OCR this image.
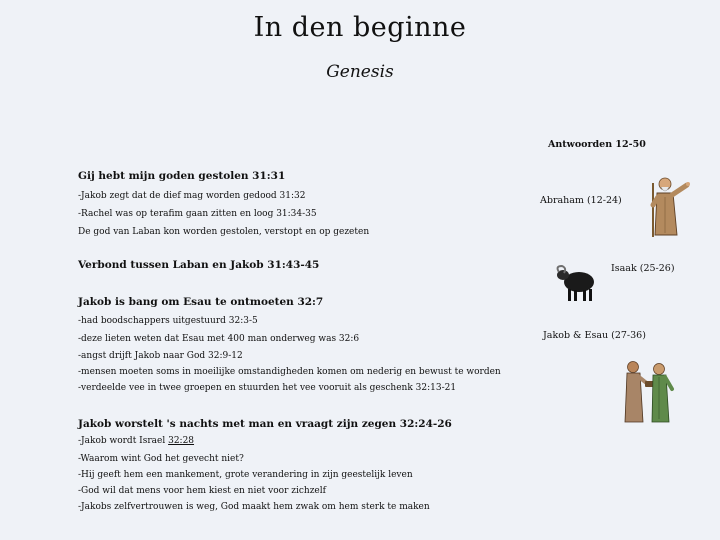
In den beginne
Genesis
Antwoorden 12-50
Gij hebt mijn goden gestolen 31:31
-Jakob zegt dat de dief mag worden gedood 31:32
-Rachel was op terafim gaan zitten en loog 31:34-35
De god van Laban kon worden gestolen, verstopt en op gezeten
Verbond tussen Laban en Jakob 31:43-45
Jakob is bang om Esau te ontmoeten 32:7
-had boodschappers uitgestuurd 32:3-5
-deze lieten weten dat Esau met 400 man onderweg was 32:6
-angst drijft Jakob naar God 32:9-12
-mensen moeten soms in moeilijke omstandigheden komen om nederig en bewust te worden
-verdeelde vee in twee groepen en stuurden het vee vooruit als geschenk 32:13-21
Jakob worstelt 's nachts met man en vraagt zijn zegen 32:24-26
-Jakob wordt Israel 32:28
-Waarom wint God het gevecht niet?
-Hij geeft hem een mankement, grote verandering in zijn geestelijk leven
-God wil dat mens voor hem kiest en niet voor zichzelf
-Jakobs zelfvertrouwen is weg, God maakt hem zwak om hem sterk te maken
Abraham (12-24)
Isaak (25-26)
Jakob & Esau (27-36)
